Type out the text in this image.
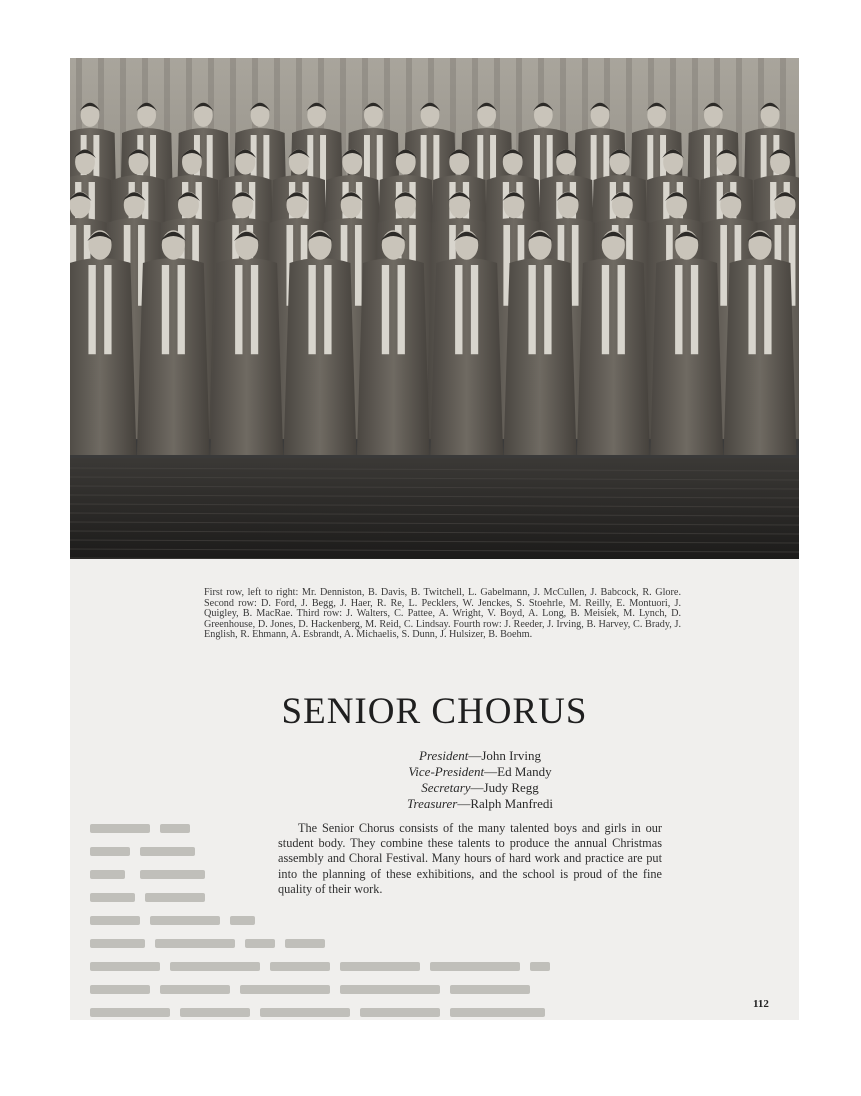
First row, left to right: Mr. Denniston, B. Davis, B. Twitchell, L. Gabelmann, J. McCullen, J. Babcock, R. Glore. Second row: D. Ford, J. Begg, J. Haer, R. Re, L. Pecklers, W. Jenckes, S. Stoehrle, M. Reilly, E. Montuori, J. Quigley, B. MacRae. Third row: J. Walters, C. Pattee, A. Wright, V. Boyd, A. Long, B. Meisiek, M. Lynch, D. Greenhouse, D. Jones, D. Hackenberg, M. Reid, C. Lindsay. Fourth row: J. Reeder, J. Irving, B. Harvey, C. Brady, J. English, R. Ehmann, A. Esbrandt, A. Michaelis, S. Dunn, J. Hulsizer, B. Boehm.
SENIOR CHORUS
President—John Irving
Vice-President—Ed Mandy
Secretary—Judy Regg
Treasurer—Ralph Manfredi
The Senior Chorus consists of the many talented boys and girls in our student body. They combine these talents to produce the annual Christmas assembly and Choral Festival. Many hours of hard work and practice are put into the planning of these exhibitions, and the school is proud of the fine quality of their work.
112
